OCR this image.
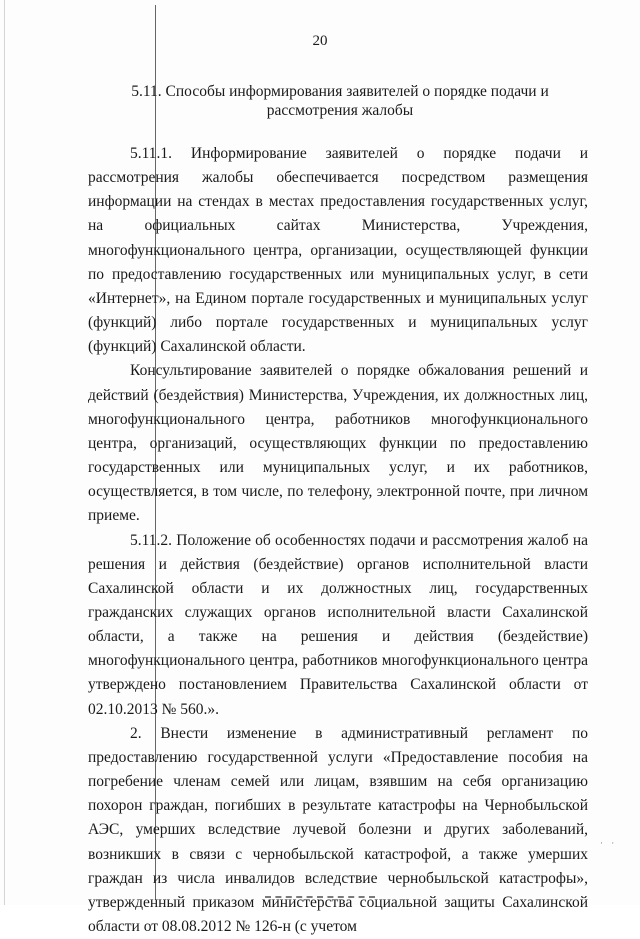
20
5.11. Способы информирования заявителей о порядке подачи и
рассмотрения жалобы

5.11.1. Информирование заявителей о порядке подачи и рассмотрения жалобы обеспечивается посредством размещения информации на стендах в местах предоставления государственных услуг, на официальных сайтах Министерства, Учреждения, многофункционального центра, организации, осуществляющей функции по предоставлению государственных или муниципальных услуг, в сети «Интернет», на Едином портале государственных и муниципальных услуг (функций) либо портале государственных и муниципальных услуг (функций) Сахалинской области.

Консультирование заявителей о порядке обжалования решений и действий (бездействия) Министерства, Учреждения, их должностных лиц, многофункционального центра, работников многофункционального центра, организаций, осуществляющих функции по предоставлению государственных или муниципальных услуг, и их работников, осуществляется, в том числе, по телефону, электронной почте, при личном приеме.

5.11.2. Положение об особенностях подачи и рассмотрения жалоб на решения и действия (бездействие) органов исполнительной власти Сахалинской области и их должностных лиц, государственных гражданских служащих органов исполнительной власти Сахалинской области, а также на решения и действия (бездействие) многофункционального центра, работников многофункционального центра утверждено постановлением Правительства Сахалинской области от 02.10.2013 № 560.».

2. Внести изменение в административный регламент по предоставлению государственной услуги «Предоставление пособия на погребение членам семей или лицам, взявшим на себя организацию похорон граждан, погибших в результате катастрофы на Чернобыльской АЭС, умерших вследствие лучевой болезни и других заболеваний, возникших в связи с чернобыльской катастрофой, а также умерших граждан из числа инвалидов вследствие чернобыльской катастрофы», утвержденный приказом министерства социальной защиты Сахалинской области от 08.08.2012 № 126-н (с учетом

· ·
